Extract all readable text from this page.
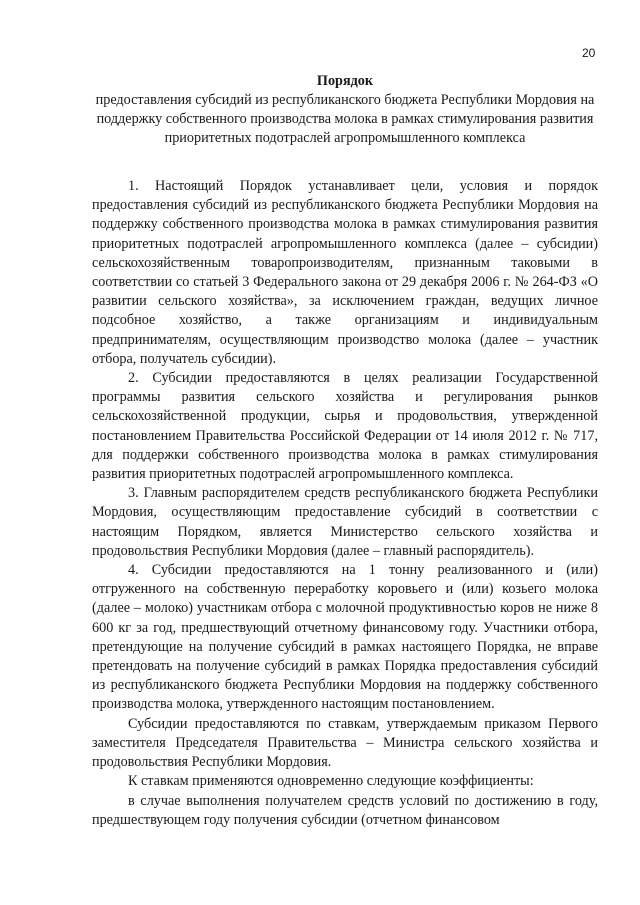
20
Порядок
предоставления субсидий из республиканского бюджета Республики Мордовия на поддержку собственного производства молока в рамках стимулирования развития приоритетных подотраслей агропромышленного комплекса

1. Настоящий Порядок устанавливает цели, условия и порядок предоставления субсидий из республиканского бюджета Республики Мордовия на поддержку собственного производства молока в рамках стимулирования развития приоритетных подотраслей агропромышленного комплекса (далее – субсидии) сельскохозяйственным товаропроизводителям, признанным таковыми в соответствии со статьей 3 Федерального закона от 29 декабря 2006 г. № 264-ФЗ «О развитии сельского хозяйства», за исключением граждан, ведущих личное подсобное хозяйство, а также организациям и индивидуальным предпринимателям, осуществляющим производство молока (далее – участник отбора, получатель субсидии).

2. Субсидии предоставляются в целях реализации Государственной программы развития сельского хозяйства и регулирования рынков сельскохозяйственной продукции, сырья и продовольствия, утвержденной постановлением Правительства Российской Федерации от 14 июля 2012 г. № 717, для поддержки собственного производства молока в рамках стимулирования развития приоритетных подотраслей агропромышленного комплекса.

3. Главным распорядителем средств республиканского бюджета Республики Мордовия, осуществляющим предоставление субсидий в соответствии с настоящим Порядком, является Министерство сельского хозяйства и продовольствия Республики Мордовия (далее – главный распорядитель).

4. Субсидии предоставляются на 1 тонну реализованного и (или) отгруженного на собственную переработку коровьего и (или) козьего молока (далее – молоко) участникам отбора с молочной продуктивностью коров не ниже 8 600 кг за год, предшествующий отчетному финансовому году. Участники отбора, претендующие на получение субсидий в рамках настоящего Порядка, не вправе претендовать на получение субсидий в рамках Порядка предоставления субсидий из республиканского бюджета Республики Мордовия на поддержку собственного производства молока, утвержденного настоящим постановлением.

Субсидии предоставляются по ставкам, утверждаемым приказом Первого заместителя Председателя Правительства – Министра сельского хозяйства и продовольствия Республики Мордовия.

К ставкам применяются одновременно следующие коэффициенты:

в случае выполнения получателем средств условий по достижению в году, предшествующем году получения субсидии (отчетном финансовом
